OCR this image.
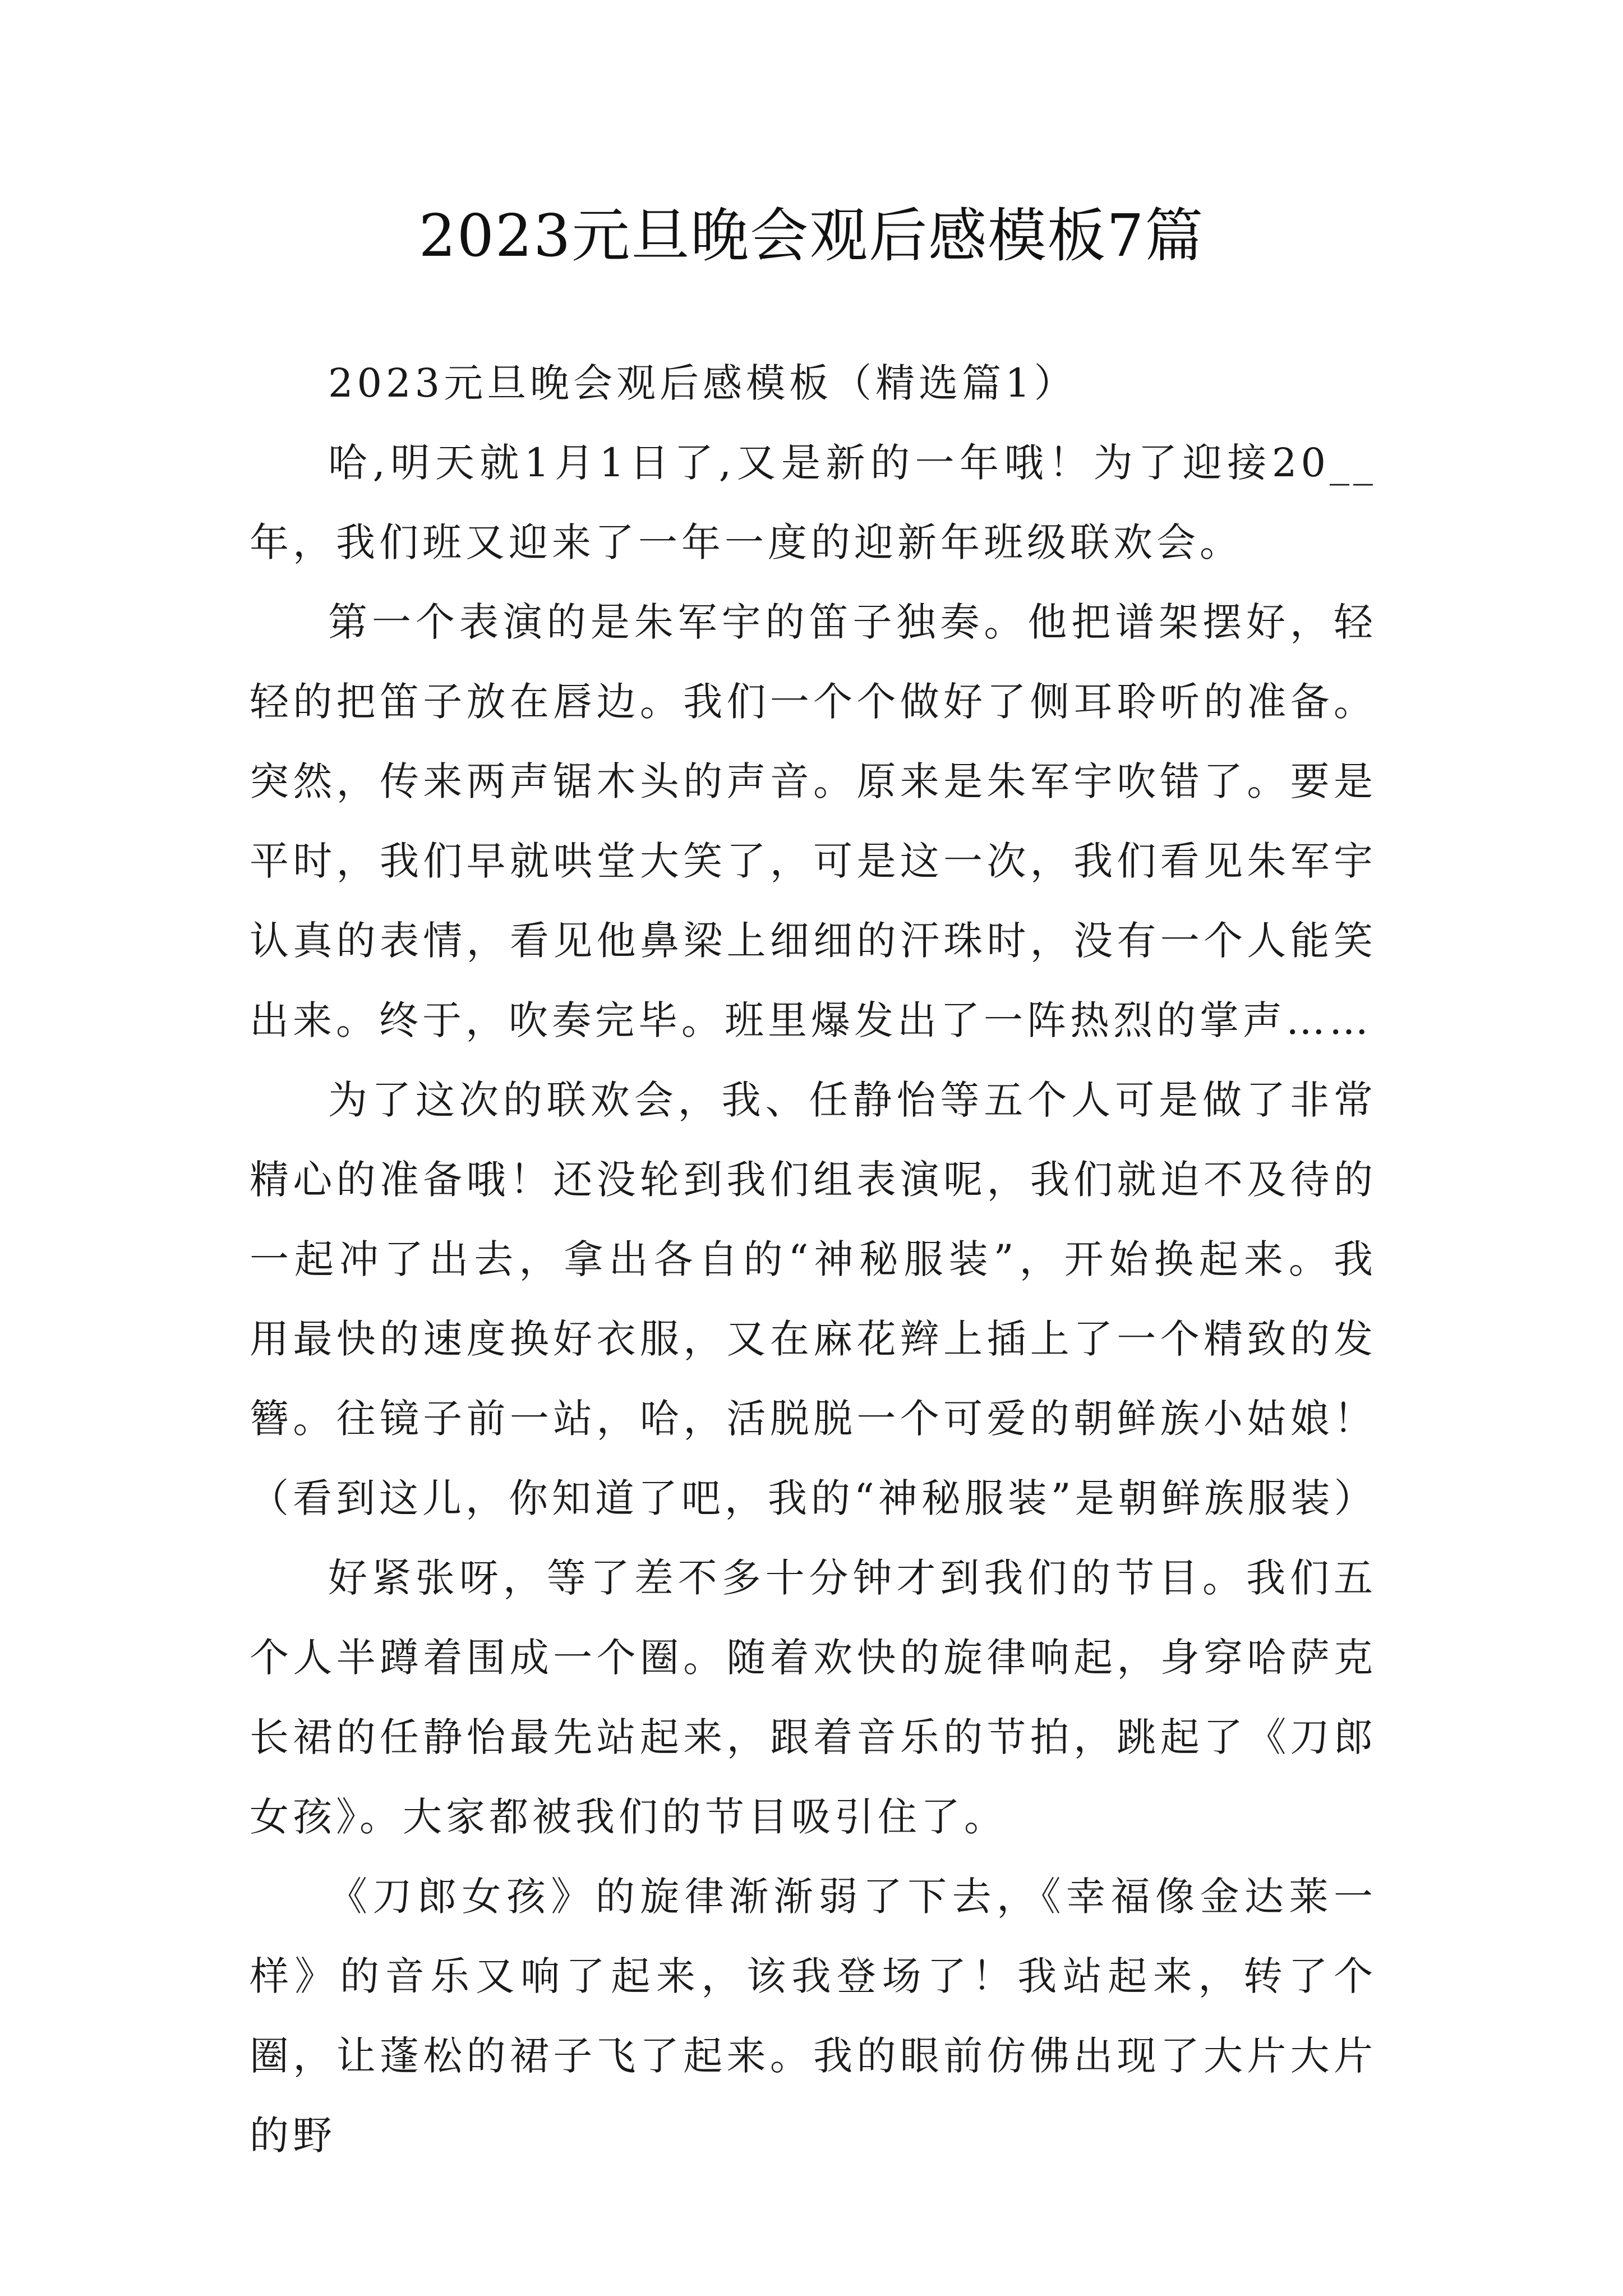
2023元旦晚会观后感模板7篇

2023元旦晚会观后感模板（精选篇1）

哈,明天就1月1日了,又是新的一年哦！为了迎接20__年，我们班又迎来了一年一度的迎新年班级联欢会。

第一个表演的是朱军宇的笛子独奏。他把谱架摆好，轻轻的把笛子放在唇边。我们一个个做好了侧耳聆听的准备。突然，传来两声锯木头的声音。原来是朱军宇吹错了。要是平时，我们早就哄堂大笑了，可是这一次，我们看见朱军宇认真的表情，看见他鼻梁上细细的汗珠时，没有一个人能笑出来。终于，吹奏完毕。班里爆发出了一阵热烈的掌声……

为了这次的联欢会，我、任静怡等五个人可是做了非常精心的准备哦！还没轮到我们组表演呢，我们就迫不及待的一起冲了出去，拿出各自的“神秘服装”，开始换起来。我用最快的速度换好衣服，又在麻花辫上插上了一个精致的发簪。往镜子前一站，哈，活脱脱一个可爱的朝鲜族小姑娘！（看到这儿，你知道了吧，我的“神秘服装”是朝鲜族服装）

好紧张呀，等了差不多十分钟才到我们的节目。我们五个人半蹲着围成一个圈。随着欢快的旋律响起，身穿哈萨克长裙的任静怡最先站起来，跟着音乐的节拍，跳起了《刀郎女孩》。大家都被我们的节目吸引住了。

《刀郎女孩》的旋律渐渐弱了下去，《幸福像金达莱一样》的音乐又响了起来，该我登场了！我站起来，转了个圈，让蓬松的裙子飞了起来。我的眼前仿佛出现了大片大片的野
